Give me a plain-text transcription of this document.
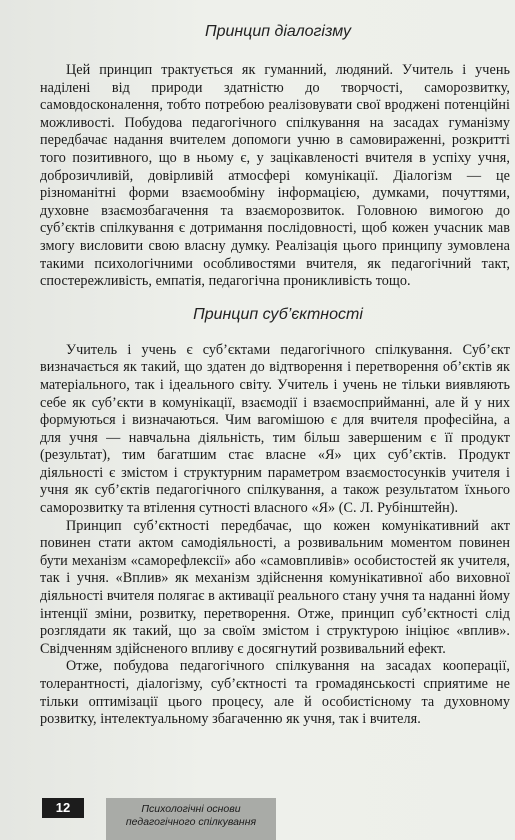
Принцип діалогізму

Цей принцип трактується як гуманний, людяний. Учитель і учень наділені від природи здатністю до творчості, саморозвитку, самовдосконалення, тобто потребою реалізовувати свої вроджені потенційні можливості. Побудова педагогічного спілкування на засадах гуманізму передбачає надання вчителем допомоги учню в самовираженні, розкритті того позитивного, що в ньому є, у зацікавленості вчителя в успіху учня, доброзичливій, довірливій атмосфері комунікації. Діалогізм — це різноманітні форми взаємообміну інформацією, думками, почуттями, духовне взаємозбагачення та взаєморозвиток. Головною вимогою до суб’єктів спілкування є дотримання послідовності, щоб кожен учасник мав змогу висловити свою власну думку. Реалізація цього принципу зумовлена такими психологічними особливостями вчителя, як педагогічний такт, спостережливість, емпатія, педагогічна проникливість тощо.

Принцип суб’єктності

Учитель і учень є суб’єктами педагогічного спілкування. Суб’єкт визначається як такий, що здатен до відтворення і перетворення об’єктів як матеріального, так і ідеального світу. Учитель і учень не тільки виявляють себе як суб’єкти в комунікації, взаємодії і взаємосприйманні, але й у них формуються і визначаються. Чим вагомішою є для вчителя професійна, а для учня — навчальна діяльність, тим більш завершеним є її продукт (результат), тим багатшим стає власне «Я» цих суб’єктів. Продукт діяльності є змістом і структурним параметром взаємостосунків учителя і учня як суб’єктів педагогічного спілкування, а також результатом їхнього саморозвитку та втілення сутності власного «Я» (С. Л. Рубінштейн).

Принцип суб’єктності передбачає, що кожен комунікативний акт повинен стати актом самодіяльності, а розвивальним моментом повинен бути механізм «саморефлексії» або «самовпливів» особистостей як учителя, так і учня. «Вплив» як механізм здійснення комунікативної або виховної діяльності вчителя полягає в активації реального стану учня та наданні йому інтенції зміни, розвитку, перетворення. Отже, принцип суб’єктності слід розглядати як такий, що за своїм змістом і структурою ініціює «вплив». Свідченням здійсненого впливу є досягнутий розвивальний ефект.

Отже, побудова педагогічного спілкування на засадах кооперації, толерантності, діалогізму, суб’єктності та громадянськості сприятиме не тільки оптимізації цього процесу, але й особистісному та духовному розвитку, інтелектуальному збагаченню як учня, так і вчителя.

12	Психологічні основи
педагогічного спілкування
